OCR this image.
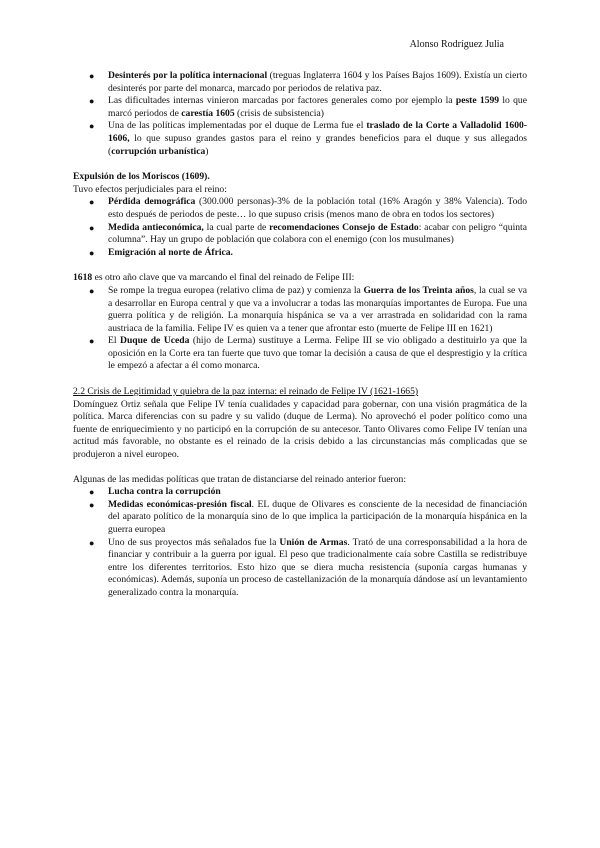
Alonso Rodríguez Julia
● Desinterés por la política internacional (treguas Inglaterra 1604 y los Países Bajos 1609). Existía un cierto desinterés por parte del monarca, marcado por periodos de relativa paz.
● Las dificultades internas vinieron marcadas por factores generales como por ejemplo la peste 1599 lo que marcó periodos de carestía 1605 (crisis de subsistencia)
● Una de las políticas implementadas por el duque de Lerma fue el traslado de la Corte a Valladolid 1600-1606, lo que supuso grandes gastos para el reino y grandes beneficios para el duque y sus allegados (corrupción urbanística)

Expulsión de los Moriscos (1609).

Tuvo efectos perjudiciales para el reino:

● Pérdida demográfica (300.000 personas)-3% de la población total (16% Aragón y 38% Valencia). Todo esto después de periodos de peste… lo que supuso crisis (menos mano de obra en todos los sectores)
● Medida antieconómica, la cual parte de recomendaciones Consejo de Estado: acabar con peligro “quinta columna”. Hay un grupo de población que colabora con el enemigo (con los musulmanes)
● Emigración al norte de África.

1618 es otro año clave que va marcando el final del reinado de Felipe III:

● Se rompe la tregua europea (relativo clima de paz) y comienza la Guerra de los Treinta años, la cual se va a desarrollar en Europa central y que va a involucrar a todas las monarquías importantes de Europa. Fue una guerra política y de religión. La monarquía hispánica se va a ver arrastrada en solidaridad con la rama austriaca de la familia. Felipe IV es quien va a tener que afrontar esto (muerte de Felipe III en 1621)
● El Duque de Uceda (hijo de Lerma) sustituye a Lerma. Felipe III se vio obligado a destituirlo ya que la oposición en la Corte era tan fuerte que tuvo que tomar la decisión a causa de que el desprestigio y la crítica le empezó a afectar a él como monarca.

2.2 Crisis de Legitimidad y quiebra de la paz interna: el reinado de Felipe IV (1621-1665)

Domínguez Ortiz señala que Felipe IV tenía cualidades y capacidad para gobernar, con una visión pragmática de la política. Marca diferencias con su padre y su valido (duque de Lerma). No aprovechó el poder político como una fuente de enriquecimiento y no participó en la corrupción de su antecesor. Tanto Olivares como Felipe IV tenían una actitud más favorable, no obstante es el reinado de la crisis debido a las circunstancias más complicadas que se produjeron a nivel europeo.

Algunas de las medidas políticas que tratan de distanciarse del reinado anterior fueron:

● Lucha contra la corrupción
● Medidas económicas-presión fiscal. EL duque de Olivares es consciente de la necesidad de financiación del aparato político de la monarquía sino de lo que implica la participación de la monarquía hispánica en la guerra europea
● Uno de sus proyectos más señalados fue la Unión de Armas. Trató de una corresponsabilidad a la hora de financiar y contribuir a la guerra por igual. El peso que tradicionalmente caía sobre Castilla se redistribuye entre los diferentes territorios. Esto hizo que se diera mucha resistencia (suponía cargas humanas y económicas). Además, suponía un proceso de castellanización de la monarquía dándose así un levantamiento generalizado contra la monarquía.
